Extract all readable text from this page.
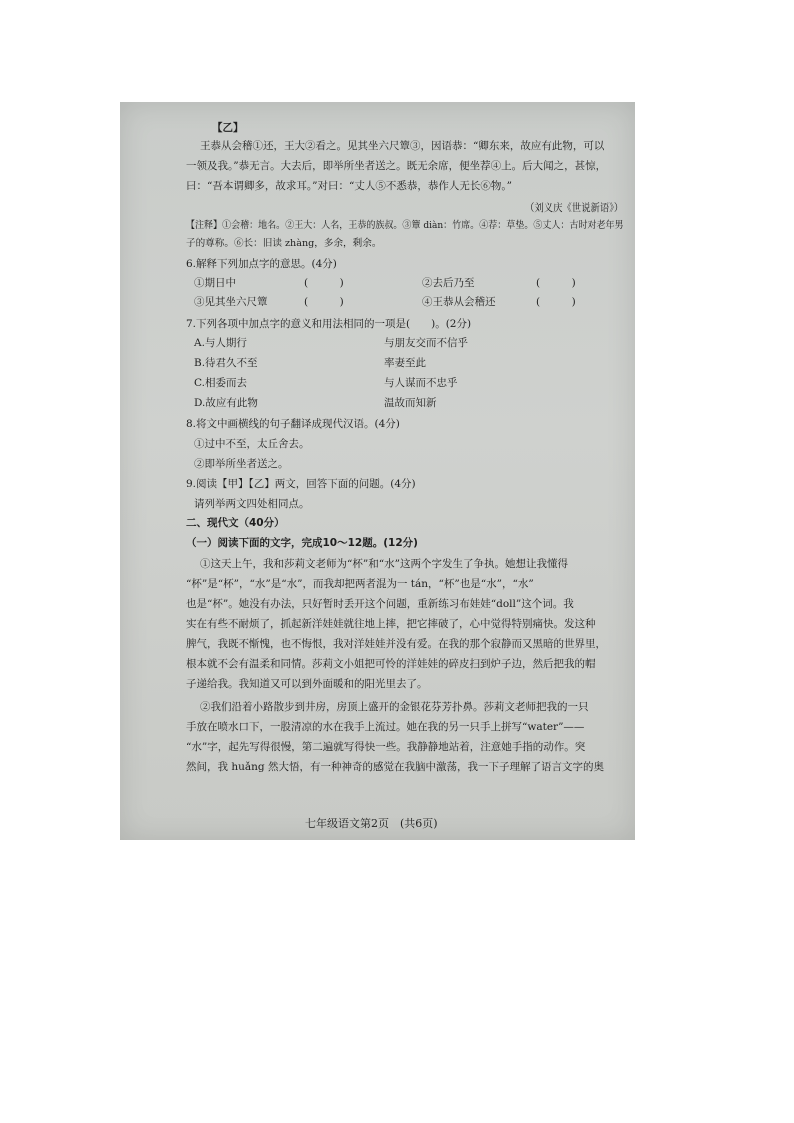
【乙】
王恭从会稽①还，王大②看之。见其坐六尺簟③，因语恭：“卿东来，故应有此物，可以
一领及我。”恭无言。大去后，即举所坐者送之。既无余席，便坐荐④上。后大闻之，甚惊，
曰：“吾本谓卿多，故求耳。”对曰：“丈人⑤不悉恭，恭作人无长⑥物。”
（刘义庆《世说新语》）
【注释】①会稽：地名。②王大：人名，王恭的族叔。③簟 diàn：竹席。④荐：草垫。⑤丈人：古时对老年男
子的尊称。⑥长：旧读 zhàng，多余，剩余。
6.解释下列加点字的意思。(4分)
①期日中	(　　　)	②去后乃至	(　　　)
③见其坐六尺簟	(　　　)	④王恭从会稽还	(　　　)
7.下列各项中加点字的意义和用法相同的一项是(　　)。(2分)
A.与人期行	与朋友交而不信乎
B.待君久不至	率妻至此
C.相委而去	与人谋而不忠乎
D.故应有此物	温故而知新
8.将文中画横线的句子翻译成现代汉语。(4分)
①过中不至，太丘舍去。
②即举所坐者送之。
9.阅读【甲】【乙】两文，回答下面的问题。(4分)
请列举两文四处相同点。
二、现代文（40分）
（一）阅读下面的文字，完成10～12题。(12分)
①这天上午，我和莎莉文老师为“杯”和“水”这两个字发生了争执。她想让我懂得
“杯”是“杯”，“水”是“水”，而我却把两者混为一 tán，“杯”也是“水”，“水”
也是“杯”。她没有办法，只好暂时丢开这个问题，重新练习布娃娃“doll”这个词。我
实在有些不耐烦了，抓起新洋娃娃就往地上摔，把它摔破了，心中觉得特别痛快。发这种
脾气，我既不惭愧，也不悔恨，我对洋娃娃并没有爱。在我的那个寂静而又黑暗的世界里，
根本就不会有温柔和同情。莎莉文小姐把可怜的洋娃娃的碎皮扫到炉子边，然后把我的帽
子递给我。我知道又可以到外面暖和的阳光里去了。
②我们沿着小路散步到井房，房顶上盛开的金银花芬芳扑鼻。莎莉文老师把我的一只
手放在喷水口下，一股清凉的水在我手上流过。她在我的另一只手上拼写“water”——
“水”字，起先写得很慢，第二遍就写得快一些。我静静地站着，注意她手指的动作。突
然间，我 huǎng 然大悟，有一种神奇的感觉在我脑中激荡，我一下子理解了语言文字的奥
七年级语文第2页　(共6页)
